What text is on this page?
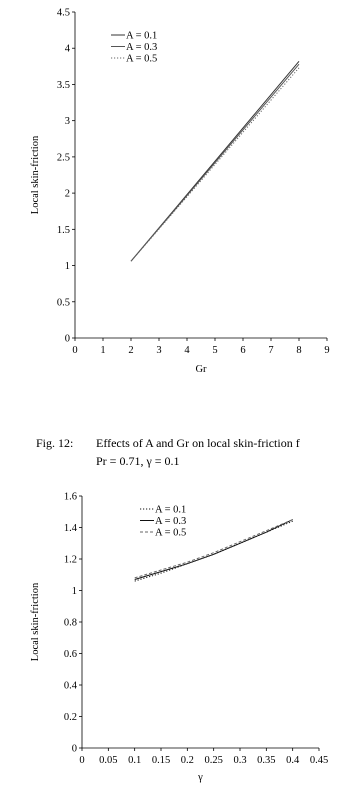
0
0.5
1
1.5
2
2.5
3
3.5
4
4.5
0 1 2 3 4 5 6 7 8 9
A = 0.1
A = 0.3
A = 0.5
Local skin-friction
Gr
Fig. 12: Effects of A and Gr on local skin-friction f
Pr = 0.71, γ = 0.1
0
0.2
0.4
0.6
0.8
1
1.2
1.4
1.6
0 0.05 0.1 0.15 0.2 0.25 0.3 0.35 0.4 0.45
A = 0.1
A = 0.3
A = 0.5
Local skin-friction
γ
